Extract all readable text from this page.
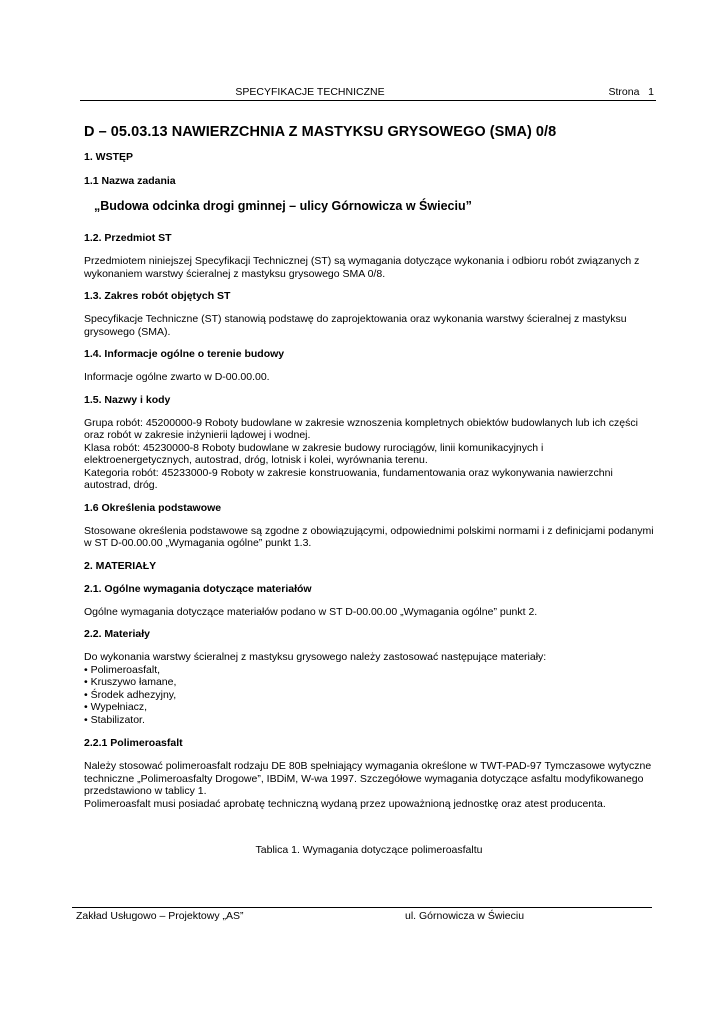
SPECYFIKACJE TECHNICZNE	Strona   1
D – 05.03.13 NAWIERZCHNIA Z MASTYKSU GRYSOWEGO (SMA) 0/8

1. WSTĘP

1.1 Nazwa zadania

„Budowa odcinka drogi gminnej – ulicy Górnowicza w Świeciu”

1.2. Przedmiot ST

Przedmiotem niniejszej Specyfikacji Technicznej (ST) są wymagania dotyczące wykonania i odbioru robót związanych z wykonaniem warstwy ścieralnej z mastyksu grysowego SMA 0/8.

1.3. Zakres robót objętych ST

Specyfikacje Techniczne (ST) stanowią podstawę do zaprojektowania oraz wykonania warstwy ścieralnej z mastyksu grysowego (SMA).

1.4. Informacje ogólne o terenie budowy

Informacje ogólne zwarto w D-00.00.00.

1.5. Nazwy i kody

Grupa robót: 45200000-9 Roboty budowlane w zakresie wznoszenia kompletnych obiektów budowlanych lub ich części oraz robót w zakresie inżynierii lądowej i wodnej.

Klasa robót: 45230000-8 Roboty budowlane w zakresie budowy rurociągów, linii komunikacyjnych i elektroenergetycznych, autostrad, dróg, lotnisk i kolei, wyrównania terenu.

Kategoria robót: 45233000-9 Roboty w zakresie konstruowania, fundamentowania oraz wykonywania nawierzchni autostrad, dróg.

1.6 Określenia podstawowe

Stosowane określenia podstawowe są zgodne z obowiązującymi, odpowiednimi polskimi normami i z definicjami podanymi w ST D-00.00.00 „Wymagania ogólne” punkt 1.3.

2. MATERIAŁY

2.1. Ogólne wymagania dotyczące materiałów

Ogólne wymagania dotyczące materiałów podano w ST D-00.00.00 „Wymagania ogólne” punkt 2.

2.2. Materiały

Do wykonania warstwy ścieralnej z mastyksu grysowego należy zastosować następujące materiały:

• Polimeroasfalt,
• Kruszywo łamane,
• Środek adhezyjny,
• Wypełniacz,
• Stabilizator.

2.2.1 Polimeroasfalt

Należy stosować polimeroasfalt rodzaju DE 80B spełniający wymagania określone w TWT-PAD-97 Tymczasowe wytyczne techniczne „Polimeroasfalty Drogowe”, IBDiM, W-wa 1997. Szczegółowe wymagania dotyczące asfaltu modyfikowanego przedstawiono w tablicy 1.

Polimeroasfalt musi posiadać aprobatę techniczną wydaną przez upoważnioną jednostkę oraz atest producenta.

Tablica 1. Wymagania dotyczące polimeroasfaltu

Zakład Usługowo – Projektowy „AS”	ul. Górnowicza w Świeciu
